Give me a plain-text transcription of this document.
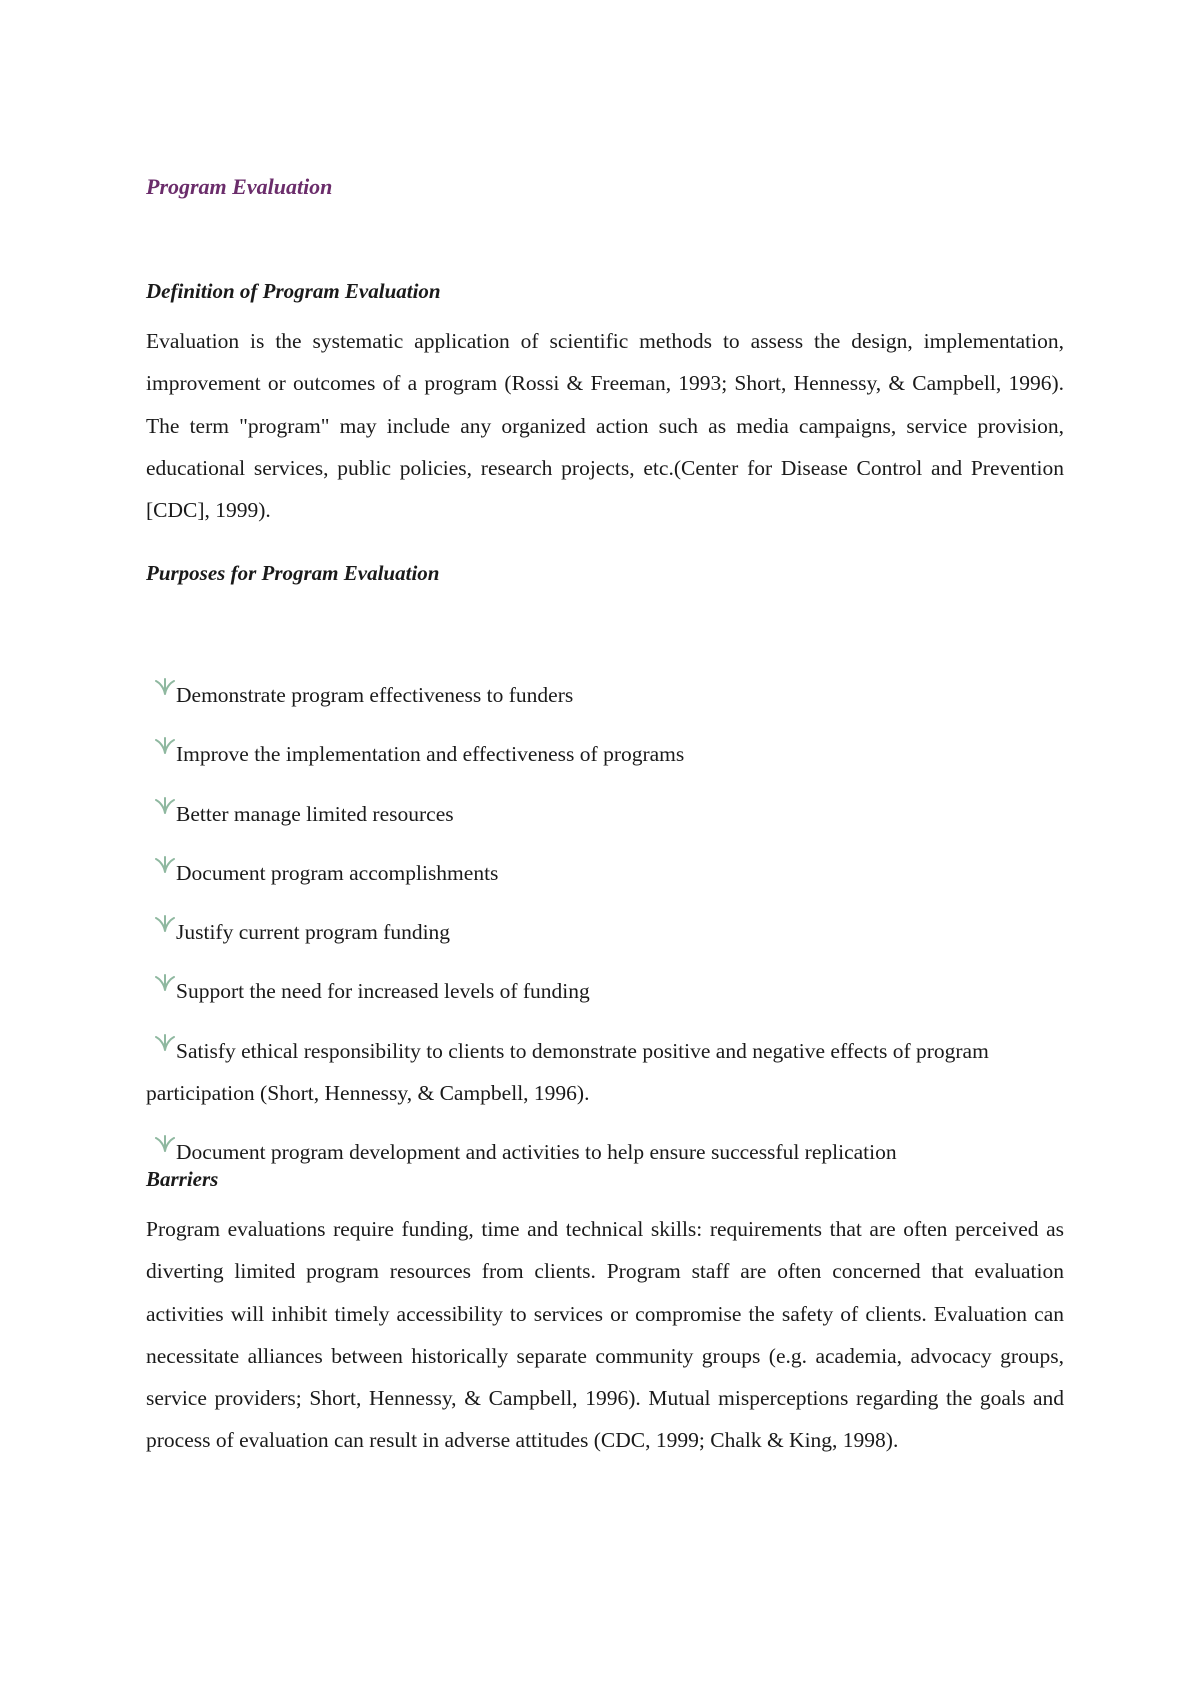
Program Evaluation
Definition of Program Evaluation

Evaluation is the systematic application of scientific methods to assess the design, implementation, improvement or outcomes of a program (Rossi & Freeman, 1993; Short, Hennessy, & Campbell, 1996). The term "program" may include any organized action such as media campaigns, service provision, educational services, public policies, research projects, etc.(Center for Disease Control and Prevention [CDC], 1999).

Purposes for Program Evaluation
Demonstrate program effectiveness to funders
Improve the implementation and effectiveness of programs
Better manage limited resources
Document program accomplishments
Justify current program funding
Support the need for increased levels of funding
Satisfy ethical responsibility to clients to demonstrate positive and negative effects of program participation (Short, Hennessy, & Campbell, 1996).
Document program development and activities to help ensure successful replication
Barriers

Program evaluations require funding, time and technical skills: requirements that are often perceived as diverting limited program resources from clients. Program staff are often concerned that evaluation activities will inhibit timely accessibility to services or compromise the safety of clients. Evaluation can necessitate alliances between historically separate community groups (e.g. academia, advocacy groups, service providers; Short, Hennessy, & Campbell, 1996). Mutual misperceptions regarding the goals and process of evaluation can result in adverse attitudes (CDC, 1999; Chalk & King, 1998).
